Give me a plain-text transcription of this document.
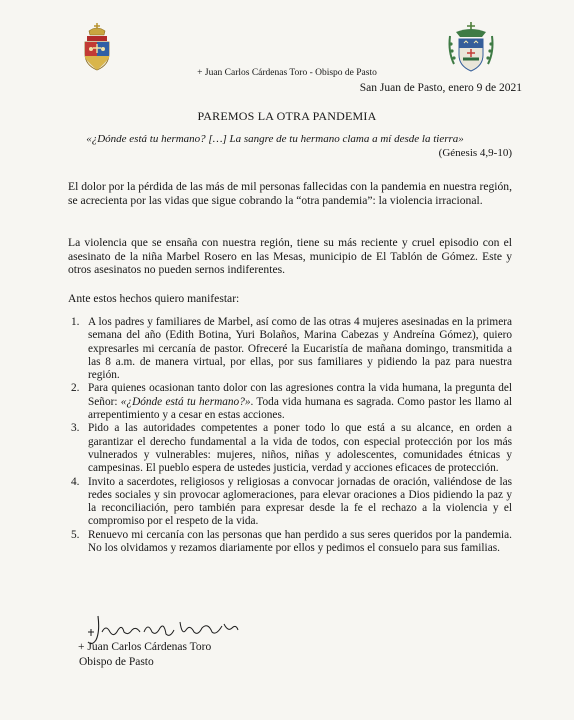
+ Juan Carlos Cárdenas Toro - Obispo de Pasto
San Juan de Pasto, enero 9 de 2021
PAREMOS LA OTRA PANDEMIA
«¿Dónde está tu hermano? […] La sangre de tu hermano clama a mí desde la tierra»
(Génesis 4,9-10)

El dolor por la pérdida de las más de mil personas fallecidas con la pandemia en nuestra región, se acrecienta por las vidas que sigue cobrando la “otra pandemia”: la violencia irracional.

La violencia que se ensaña con nuestra región, tiene su más reciente y cruel episodio con el asesinato de la niña Marbel Rosero en las Mesas, municipio de El Tablón de Gómez. Este y otros asesinatos no pueden sernos indiferentes.

Ante estos hechos quiero manifestar:

1. A los padres y familiares de Marbel, así como de las otras 4 mujeres asesinadas en la primera semana del año (Edith Botina, Yuri Bolaños, Marina Cabezas y Andreína Gómez), quiero expresarles mi cercanía de pastor. Ofreceré la Eucaristía de mañana domingo, transmitida a las 8 a.m. de manera virtual, por ellas, por sus familiares y pidiendo la paz para nuestra región.
2. Para quienes ocasionan tanto dolor con las agresiones contra la vida humana, la pregunta del Señor: «¿Dónde está tu hermano?». Toda vida humana es sagrada. Como pastor les llamo al arrepentimiento y a cesar en estas acciones.
3. Pido a las autoridades competentes a poner todo lo que está a su alcance, en orden a garantizar el derecho fundamental a la vida de todos, con especial protección por los más vulnerados y vulnerables: mujeres, niños, niñas y adolescentes, comunidades étnicas y campesinas. El pueblo espera de ustedes justicia, verdad y acciones eficaces de protección.
4. Invito a sacerdotes, religiosos y religiosas a convocar jornadas de oración, valiéndose de las redes sociales y sin provocar aglomeraciones, para elevar oraciones a Dios pidiendo la paz y la reconciliación, pero también para expresar desde la fe el rechazo a la violencia y el compromiso por el respeto de la vida.
5. Renuevo mi cercanía con las personas que han perdido a sus seres queridos por la pandemia. No los olvidamos y rezamos diariamente por ellos y pedimos el consuelo para sus familias.
+ Juan Carlos Cárdenas Toro
Obispo de Pasto
